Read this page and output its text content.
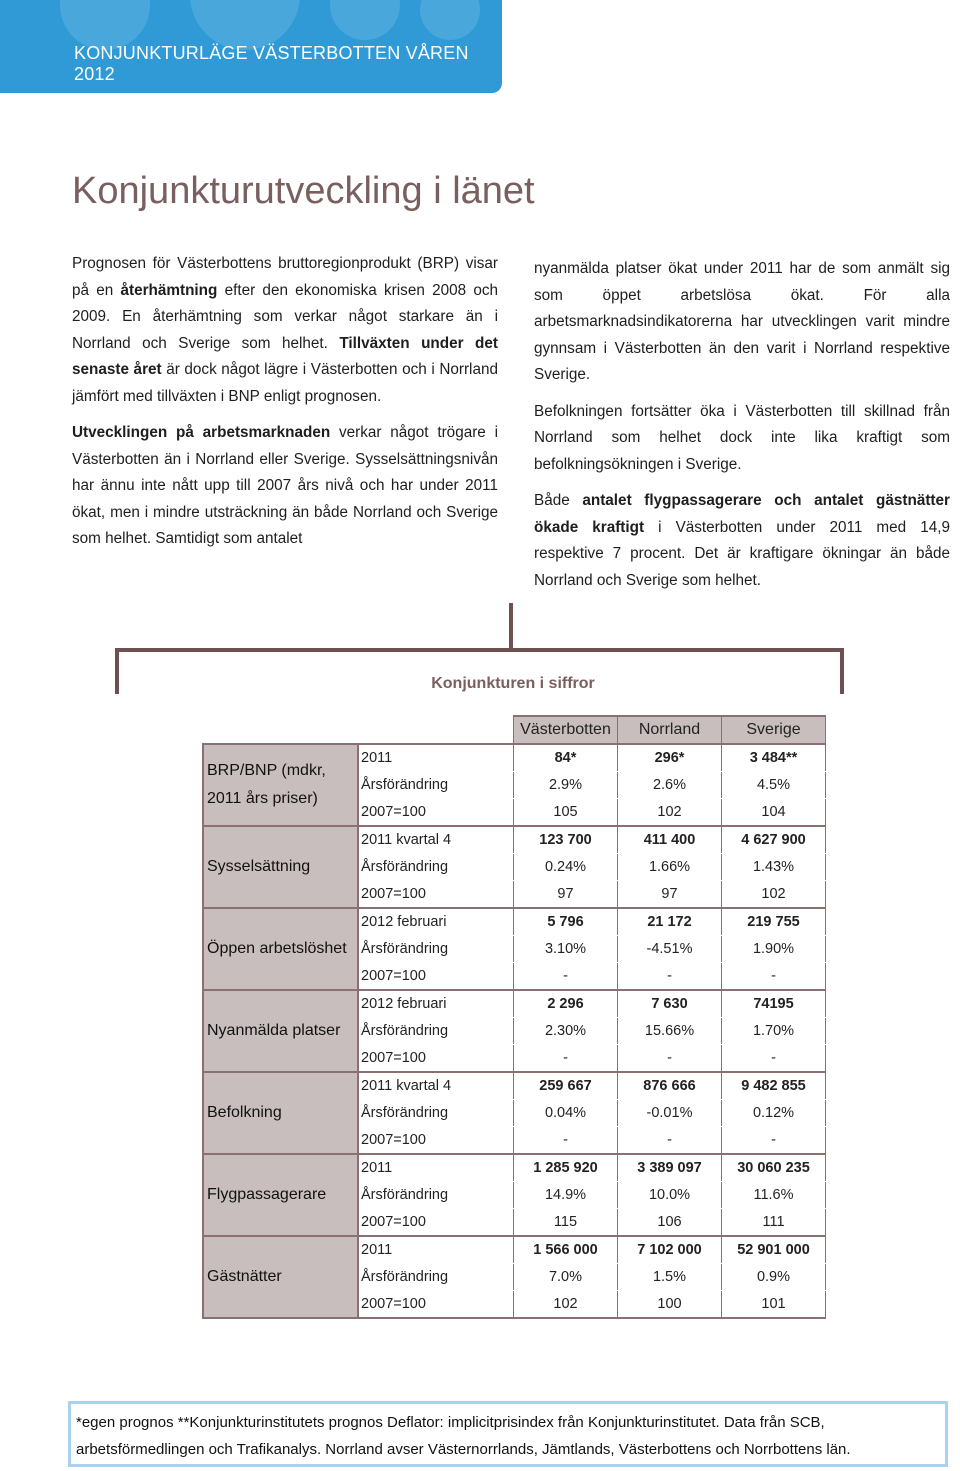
KONJUNKTURLÄGE VÄSTERBOTTEN VÅREN 2012
Konjunkturutveckling i länet

Prognosen för Västerbottens bruttoregionprodukt (BRP) visar på en återhämtning efter den ekonomiska krisen 2008 och 2009. En återhämtning som verkar något starkare än i Norrland och Sverige som helhet. Tillväxten under det senaste året är dock något lägre i Västerbotten och i Norrland jämfört med tillväxten i BNP enligt prognosen.

Utvecklingen på arbetsmarknaden verkar något trögare i Västerbotten än i Norrland eller Sverige. Sysselsättningsnivån har ännu inte nått upp till 2007 års nivå och har under 2011 ökat, men i mindre utsträckning än både Norrland och Sverige som helhet. Samtidigt som antalet

nyanmälda platser ökat under 2011 har de som anmält sig som öppet arbetslösa ökat. För alla arbetsmarknadsindikatorerna har utvecklingen varit mindre gynnsam i Västerbotten än den varit i Norrland respektive Sverige.

Befolkningen fortsätter öka i Västerbotten till skillnad från Norrland som helhet dock inte lika kraftigt som befolkningsökningen i Sverige.

Både antalet flygpassagerare och antalet gästnätter ökade kraftigt i Västerbotten under 2011 med 14,9 respektive 7 procent. Det är kraftigare ökningar än både Norrland och Sverige som helhet.

Konjunkturen i siffror
		Västerbotten	Norrland	Sverige
BRP/BNP (mdkr, 2011 års priser)	2011	84*	296*	3 484**
	Årsförändring	2.9%	2.6%	4.5%
	2007=100	105	102	104
Sysselsättning	2011 kvartal 4	123 700	411 400	4 627 900
	Årsförändring	0.24%	1.66%	1.43%
	2007=100	97	97	102
Öppen arbetslöshet	2012 februari	5 796	21 172	219 755
	Årsförändring	3.10%	-4.51%	1.90%
	2007=100	-	-	-
Nyanmälda platser	2012 februari	2 296	7 630	74195
	Årsförändring	2.30%	15.66%	1.70%
	2007=100	-	-	-
Befolkning	2011 kvartal 4	259 667	876 666	9 482 855
	Årsförändring	0.04%	-0.01%	0.12%
	2007=100	-	-	-
Flygpassagerare	2011	1 285 920	3 389 097	30 060 235
	Årsförändring	14.9%	10.0%	11.6%
	2007=100	115	106	111
Gästnätter	2011	1 566 000	7 102 000	52 901 000
	Årsförändring	7.0%	1.5%	0.9%
	2007=100	102	100	101
*egen prognos **Konjunkturinstitutets prognos Deflator: implicitprisindex från Konjunkturinstitutet. Data från SCB, arbetsförmedlingen och Trafikanalys. Norrland avser Västernorrlands, Jämtlands, Västerbottens och Norrbottens län.
